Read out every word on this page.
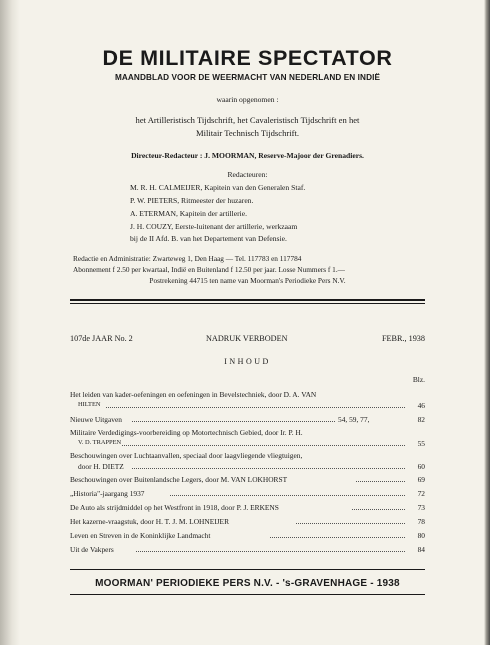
DE MILITAIRE SPECTATOR
MAANDBLAD VOOR DE WEERMACHT VAN NEDERLAND EN INDIË
waarin opgenomen :
het Artilleristisch Tijdschrift, het Cavaleristisch Tijdschrift en het
Militair Technisch Tijdschrift.
Directeur-Redacteur : J. MOORMAN, Reserve-Majoor der Grenadiers.
Redacteuren:
M. R. H. CALMEIJER, Kapitein van den Generalen Staf.
P. W. PIETERS, Ritmeester der huzaren.
A. ETERMAN, Kapitein der artillerie.
J. H. COUZY, Eerste-luitenant der artillerie, werkzaam
bij de II Afd. B. van het Departement van Defensie.
Redactie en Administratie: Zwarteweg 1, Den Haag — Tel. 117783 en 117784
Abonnement f 2.50 per kwartaal, Indië en Buitenland f 12.50 per jaar. Losse Nummers f 1.—
Postrekening 44715 ten name van Moorman's Periodieke Pers N.V.
107de JAAR No. 2	NADRUK VERBODEN	FEBR., 1938
INHOUD
Blz.
Het leiden van kader-oefeningen en oefeningen in Bevelstechniek, door D. A. VAN
HILTEN	46
Nieuwe Uitgaven	54, 59, 77,	82
Militaire Verdedigings-voorbereiding op Motortechnisch Gebied, door Ir. P. H.
V. D. TRAPPEN	55
Beschouwingen over Luchtaanvallen, speciaal door laagvliegende vliegtuigen,
door H. DIETZ	60
Beschouwingen over Buitenlandsche Legers, door M. VAN LOKHORST	69
„Historia"-jaargang 1937	72
De Auto als strijdmiddel op het Westfront in 1918, door P. J. ERKENS	73
Het kazerne-vraagstuk, door H. T. J. M. LOHNEIJER	78
Leven en Streven in de Koninklijke Landmacht	80
Uit de Vakpers	84
MOORMAN' PERIODIEKE PERS N.V. - 's-GRAVENHAGE - 1938
